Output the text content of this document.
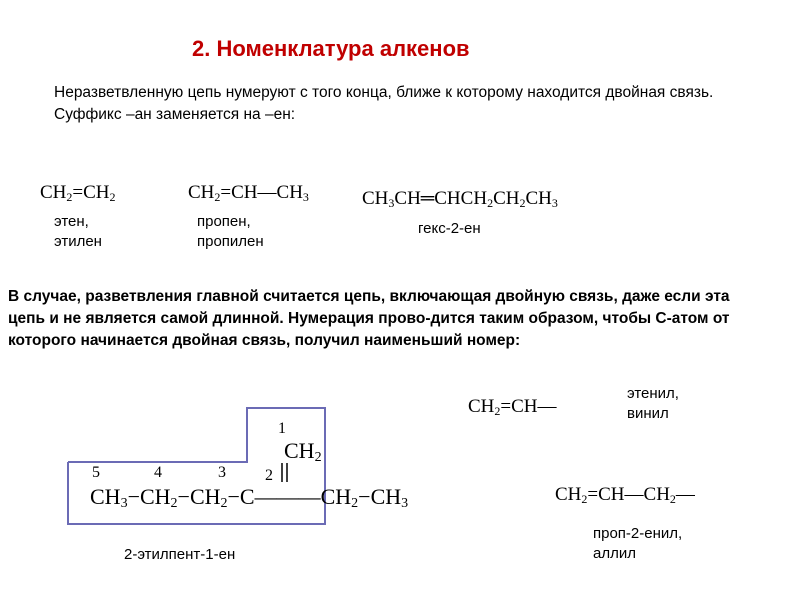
2. Номенклатура алкенов
Неразветвленную цепь нумеруют с того конца, ближе к которому находится двойная связь. Суффикс –ан заменяется на –ен:
$CH_2=CH_2$
этен,
этилен
$CH_2=CH—CH_3$
пропен,
пропилен
$CH_3CH═CHCH_2CH_2CH_3$
гекс-2-ен
В случае, разветвления главной считается цепь, включающая двойную связь, даже если эта цепь и не является самой длинной. Нумерация прово-дится таким образом, чтобы С-атом от которого начинается двойная связь, получил наименьший номер:
1
2
3
4
5
$CH_2$
$CH_3-CH_2-CH_2-C———CH_2-CH_3$
2-этилпент-1-ен
$CH_2=CH—$
этенил,
винил
$CH_2=CH—CH_2—$
проп-2-енил,
аллил
